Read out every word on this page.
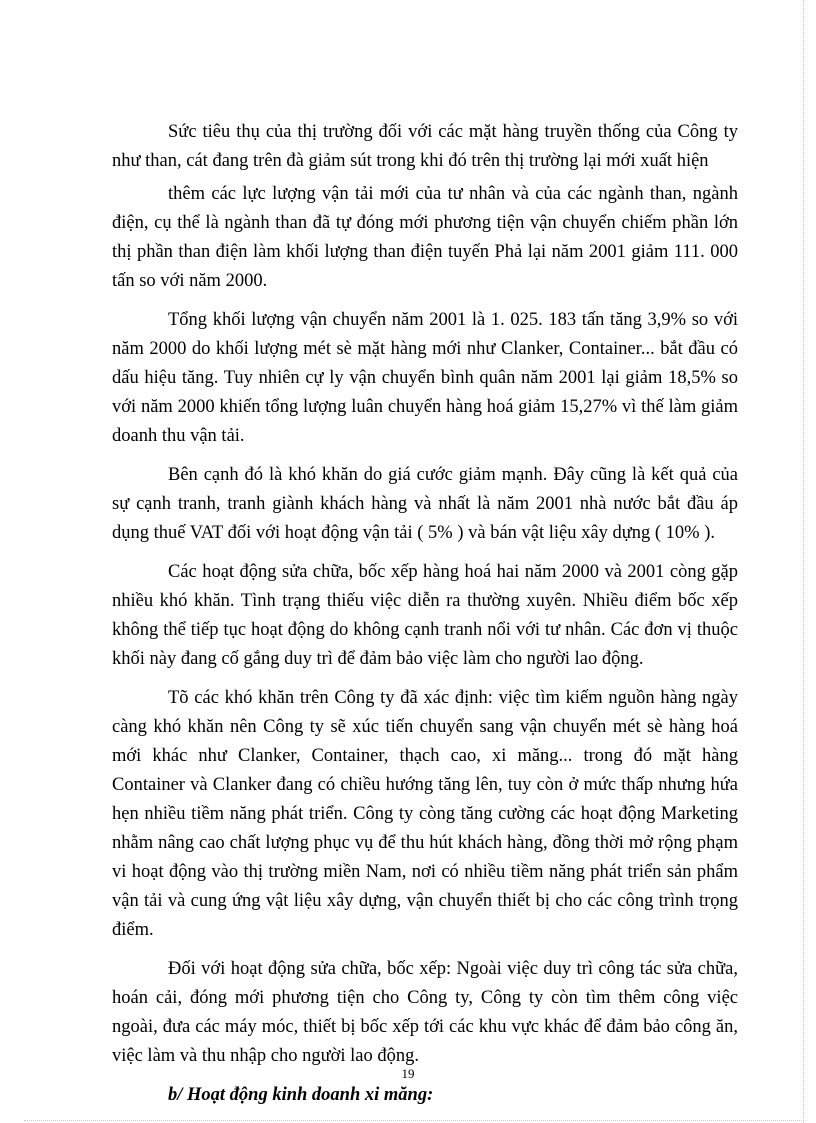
Sức tiêu thụ của thị trường đối với các mặt hàng truyền thống của Công ty như than, cát đang trên đà giảm sút trong khi đó trên thị trường lại mới xuất hiện

thêm các lực lượng vận tải mới của tư nhân và của các ngành than, ngành điện, cụ thể là ngành than đã tự đóng mới phương tiện vận chuyển chiếm phần lớn thị phần than điện làm khối lượng than điện tuyến Phả lại năm 2001 giảm 111. 000 tấn so với năm 2000.

Tổng khối lượng vận chuyển năm 2001 là 1. 025. 183 tấn tăng 3,9% so với năm 2000 do khối lượng mét sè mặt hàng mới như Clanker, Container... bắt đầu có dấu hiệu tăng. Tuy nhiên cự ly vận chuyển bình quân năm 2001 lại giảm 18,5% so với năm 2000 khiến tổng lượng luân chuyển hàng hoá giảm 15,27% vì thế làm giảm doanh thu vận tải.

Bên cạnh đó là khó khăn do giá cước giảm mạnh. Đây cũng là kết quả của sự cạnh tranh, tranh giành khách hàng và nhất là năm 2001 nhà nước bắt đầu áp dụng thuế VAT đối với hoạt động vận tải ( 5% ) và bán vật liệu xây dựng ( 10% ).

Các hoạt động sửa chữa, bốc xếp hàng hoá hai năm 2000 và 2001 còng gặp nhiều khó khăn. Tình trạng thiếu việc diễn ra thường xuyên. Nhiều điểm bốc xếp không thể tiếp tục hoạt động do không cạnh tranh nổi với tư nhân. Các đơn vị thuộc khối này đang cố gắng duy trì để đảm bảo việc làm cho người lao động.

Tõ các khó khăn trên Công ty đã xác định: việc tìm kiếm nguồn hàng ngày càng khó khăn nên Công ty sẽ xúc tiến chuyển sang vận chuyển mét sè hàng hoá mới khác như Clanker, Container, thạch cao, xi măng... trong đó mặt hàng Container và Clanker đang có chiều hướng tăng lên, tuy còn ở mức thấp nhưng hứa hẹn nhiều tiềm năng phát triển. Công ty còng tăng cường các hoạt động Marketing nhằm nâng cao chất lượng phục vụ để thu hút khách hàng, đồng thời mở rộng phạm vi hoạt động vào thị trường miền Nam, nơi có nhiều tiềm năng phát triển sản phẩm vận tải và cung ứng vật liệu xây dựng, vận chuyển thiết bị cho các công trình trọng điểm.

Đối với hoạt động sửa chữa, bốc xếp: Ngoài việc duy trì công tác sửa chữa, hoán cải, đóng mới phương tiện cho Công ty, Công ty còn tìm thêm công việc ngoài, đưa các máy móc, thiết bị bốc xếp tới các khu vực khác để đảm bảo công ăn, việc làm và thu nhập cho người lao động.

b/ Hoạt động kinh doanh xi măng:

19
